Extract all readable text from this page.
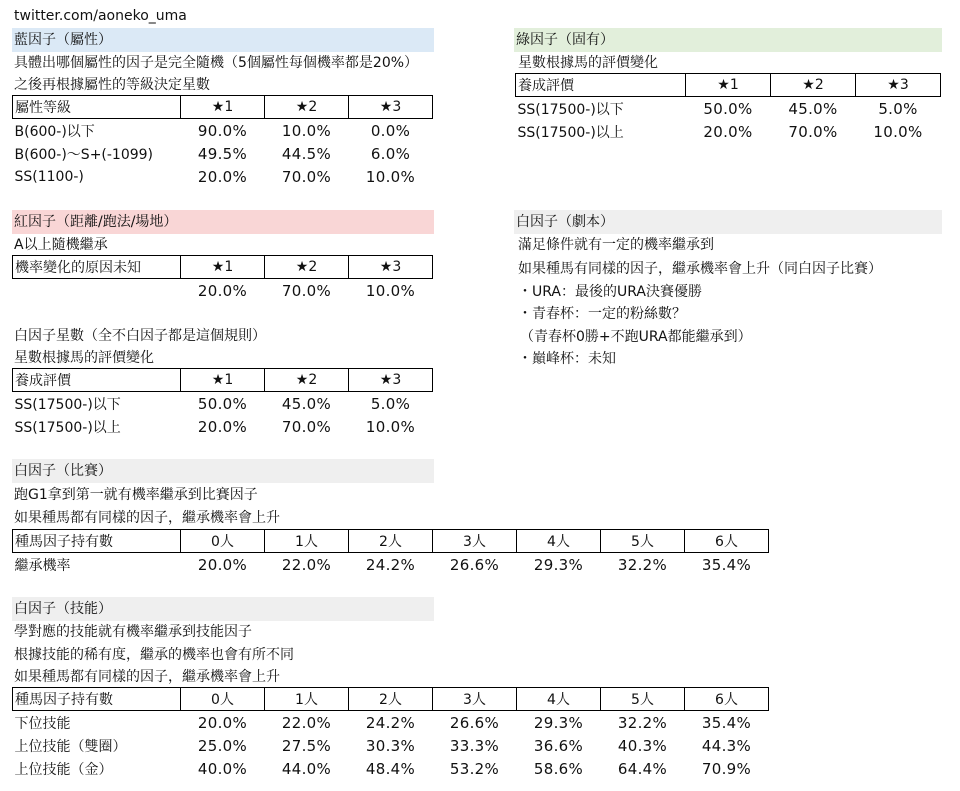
twitter.com/aoneko_uma
藍因子（屬性）
具體出哪個屬性的因子是完全隨機（5個屬性每個機率都是20%）
之後再根據屬性的等級決定星數
屬性等級	★1	★2	★3
B(600-)以下	90.0%	10.0%	0.0%
B(600-)～S+(-1099)	49.5%	44.5%	6.0%
SS(1100-)	20.0%	70.0%	10.0%
綠因子（固有）
星數根據馬的評價變化
養成評價	★1	★2	★3
SS(17500-)以下	50.0%	45.0%	5.0%
SS(17500-)以上	20.0%	70.0%	10.0%
紅因子（距離/跑法/場地）
A以上隨機繼承
機率變化的原因未知	★1	★2	★3
	20.0%	70.0%	10.0%
白因子（劇本）
滿足條件就有一定的機率繼承到
如果種馬有同樣的因子，繼承機率會上升（同白因子比賽）
・URA：最後的URA決賽優勝
・青春杯：一定的粉絲數？
（青春杯0勝+不跑URA都能繼承到）
・巔峰杯：未知
白因子星數（全不白因子都是這個規則）
星數根據馬的評價變化
養成評價	★1	★2	★3
SS(17500-)以下	50.0%	45.0%	5.0%
SS(17500-)以上	20.0%	70.0%	10.0%
白因子（比賽）
跑G1拿到第一就有機率繼承到比賽因子
如果種馬都有同樣的因子，繼承機率會上升
種馬因子持有數	0人	1人	2人	3人	4人	5人	6人
繼承機率	20.0%	22.0%	24.2%	26.6%	29.3%	32.2%	35.4%
白因子（技能）
學對應的技能就有機率繼承到技能因子
根據技能的稀有度，繼承的機率也會有所不同
如果種馬都有同樣的因子，繼承機率會上升
種馬因子持有數	0人	1人	2人	3人	4人	5人	6人
下位技能	20.0%	22.0%	24.2%	26.6%	29.3%	32.2%	35.4%
上位技能（雙圈）	25.0%	27.5%	30.3%	33.3%	36.6%	40.3%	44.3%
上位技能（金）	40.0%	44.0%	48.4%	53.2%	58.6%	64.4%	70.9%
